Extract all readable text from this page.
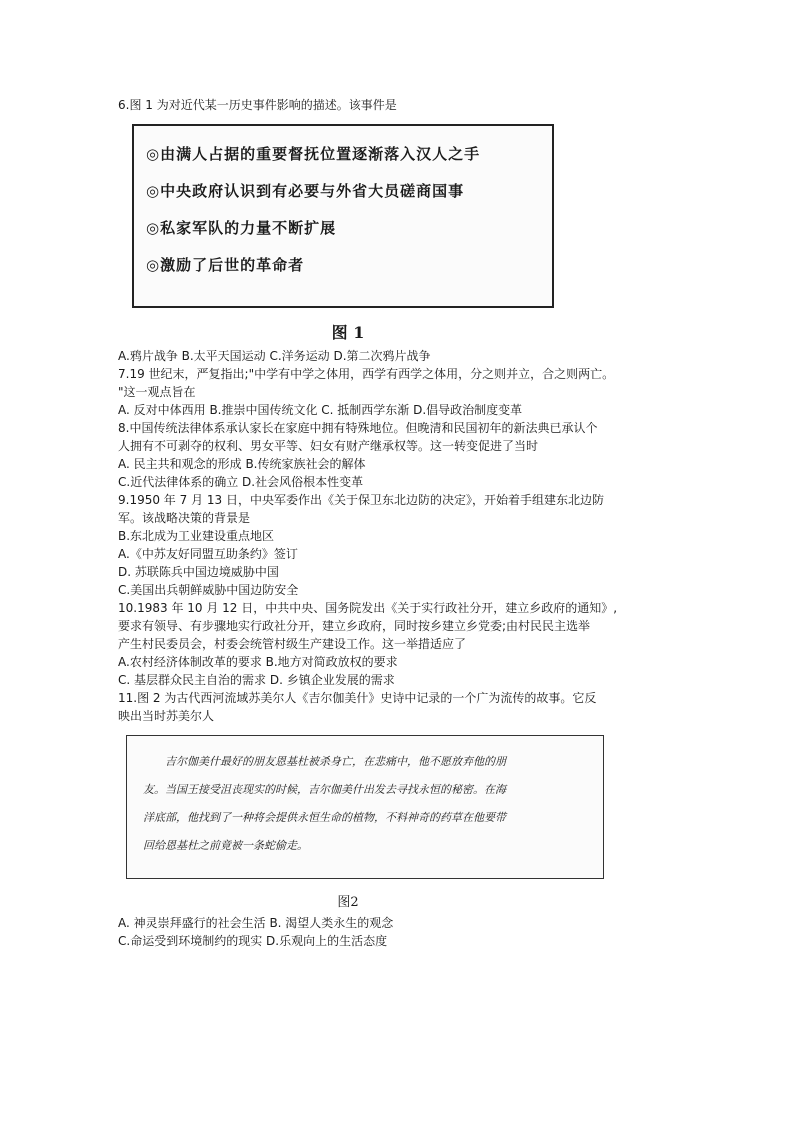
6.图 1 为对近代某一历史事件影响的描述。该事件是

◎由满人占据的重要督抚位置逐渐落入汉人之手

◎中央政府认识到有必要与外省大员磋商国事

◎私家军队的力量不断扩展

◎激励了后世的革命者

图 1

A.鸦片战争 B.太平天国运动 C.洋务运动 D.第二次鸦片战争

7.19 世纪末，严复指出;"中学有中学之体用，西学有西学之体用，分之则并立，合之则两亡。

"这一观点旨在

A. 反对中体西用 B.推崇中国传统文化 C. 抵制西学东渐 D.倡导政治制度变革

8.中国传统法律体系承认家长在家庭中拥有特殊地位。但晚清和民国初年的新法典已承认个

人拥有不可剥夺的权利、男女平等、妇女有财产继承权等。这一转变促进了当时

A. 民主共和观念的形成 B.传统家族社会的解体

C.近代法律体系的确立 D.社会风俗根本性变革

9.1950 年 7 月 13 日，中央军委作出《关于保卫东北边防的决定》，开始着手组建东北边防

军。该战略决策的背景是

B.东北成为工业建设重点地区

A.《中苏友好同盟互助条约》签订

D. 苏联陈兵中国边境威胁中国

C.美国出兵朝鲜威胁中国边防安全

10.1983 年 10 月 12 日，中共中央、国务院发出《关于实行政社分开，建立乡政府的通知》,

要求有领导、有步骤地实行政社分开，建立乡政府，同时按乡建立乡党委;由村民民主选举

产生村民委员会，村委会统管村级生产建设工作。这一举措适应了

A.农村经济体制改革的要求 B.地方对简政放权的要求

C. 基层群众民主自治的需求 D. 乡镇企业发展的需求

11.图 2 为古代西河流域苏美尔人《吉尔伽美什》史诗中记录的一个广为流传的故事。它反

映出当时苏美尔人

吉尔伽美什最好的朋友恩基杜被杀身亡，在悲痛中，他不愿放弃他的朋

友。当国王接受沮丧现实的时候，吉尔伽美什出发去寻找永恒的秘密。在海

洋底部，他找到了一种将会提供永恒生命的植物，不料神奇的药草在他要带

回给恩基杜之前竟被一条蛇偷走。

图2

A. 神灵崇拜盛行的社会生活 B. 渴望人类永生的观念

C.命运受到环境制约的现实 D.乐观向上的生活态度
